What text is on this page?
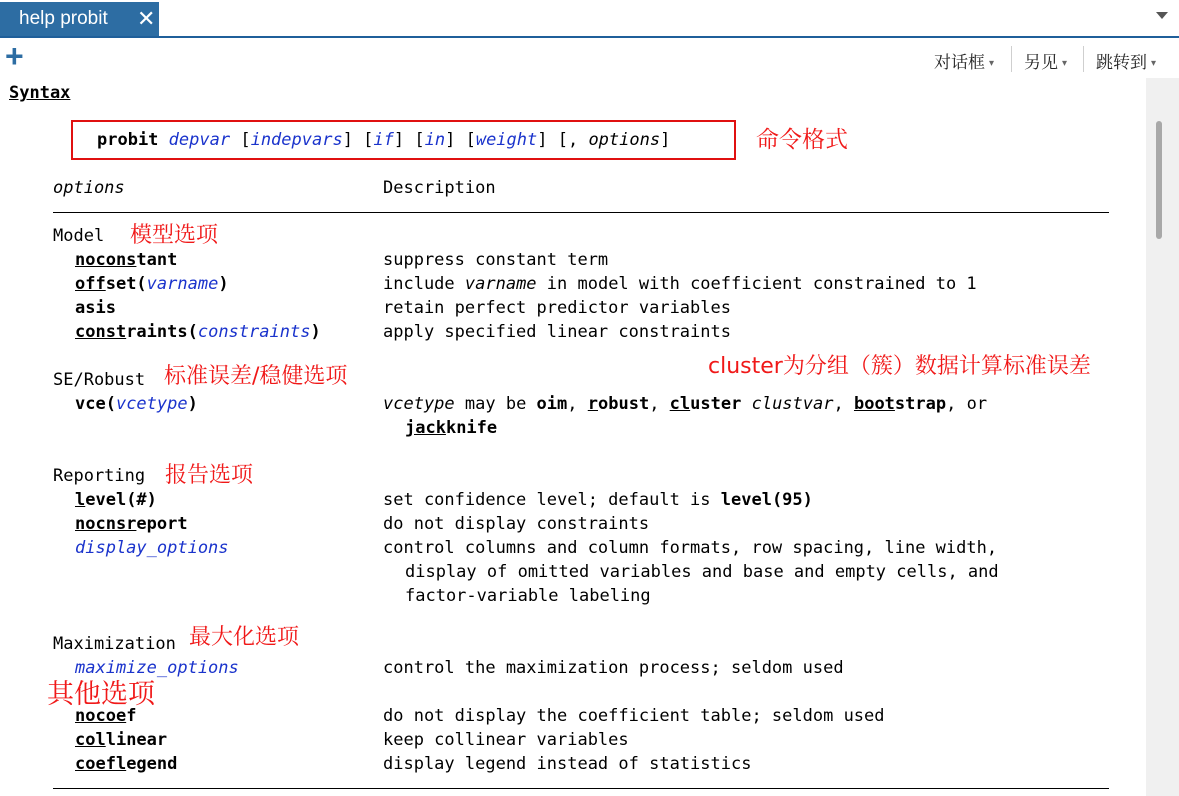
help probit ✕
+	对话框 ▾ 另见 ▾ 跳转到 ▾
Syntax
probit depvar [indepvars] [if] [in] [weight] [, options]	命令格式
options	Description
Model 模型选项
noconstant	suppress constant term
offset(varname)	include varname in model with coefficient constrained to 1
asis	retain perfect predictor variables
constraints(constraints)	apply specified linear constraints
SE/Robust 标准误差/稳健选项	cluster为分组（簇）数据计算标准误差
vce(vcetype)	vcetype may be oim, robust, cluster clustvar, bootstrap, or
jackknife
Reporting 报告选项
level(#)	set confidence level; default is level(95)
nocnsreport	do not display constraints
display_options	control columns and column formats, row spacing, line width,
display of omitted variables and base and empty cells, and
factor-variable labeling
Maximization 最大化选项
maximize_options	control the maximization process; seldom used
其他选项
nocoef	do not display the coefficient table; seldom used
collinear	keep collinear variables
coeflegend	display legend instead of statistics
